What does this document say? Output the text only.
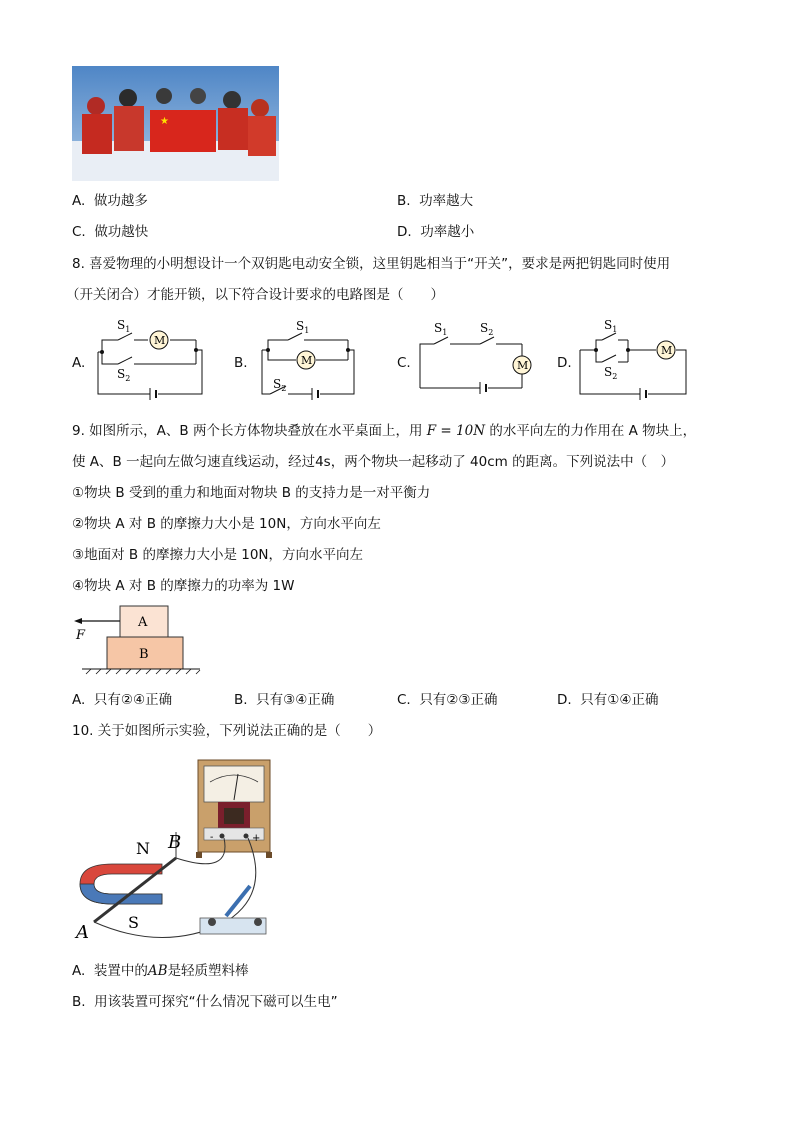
★
A. 做功越多	B. 功率越大
C. 做功越快	D. 功率越小
8. 喜爱物理的小明想设计一个双钥匙电动安全锁，这里钥匙相当于“开关”，要求是两把钥匙同时使用
（开关闭合）才能开锁，以下符合设计要求的电路图是（　　）
A.
M
$S_1$
$S_2$
B.	M
$S_1$
$S_2$
C.	M
$S_1$	$S_2$
D.
M
$S_1$
$S_2$
9. 如图所示，A、B 两个长方体物块叠放在水平桌面上，用 F = 10N 的水平向左的力作用在 A 物块上，
使 A、B 一起向左做匀速直线运动，经过4s，两个物块一起移动了 40cm 的距离。下列说法中（　）
①物块 B 受到的重力和地面对物块 B 的支持力是一对平衡力
②物块 A 对 B 的摩擦力大小是 10N，方向水平向左
③地面对 B 的摩擦力大小是 10N，方向水平向左
④物块 A 对 B 的摩擦力的功率为 1W
A
B
F
A. 只有②④正确	B. 只有③④正确	C. 只有②③正确	D. 只有①④正确
10. 关于如图所示实验，下列说法正确的是（　　）
-	+
N
S
B
A
A. 装置中的AB是轻质塑料棒
B. 用该装置可探究“什么情况下磁可以生电”
